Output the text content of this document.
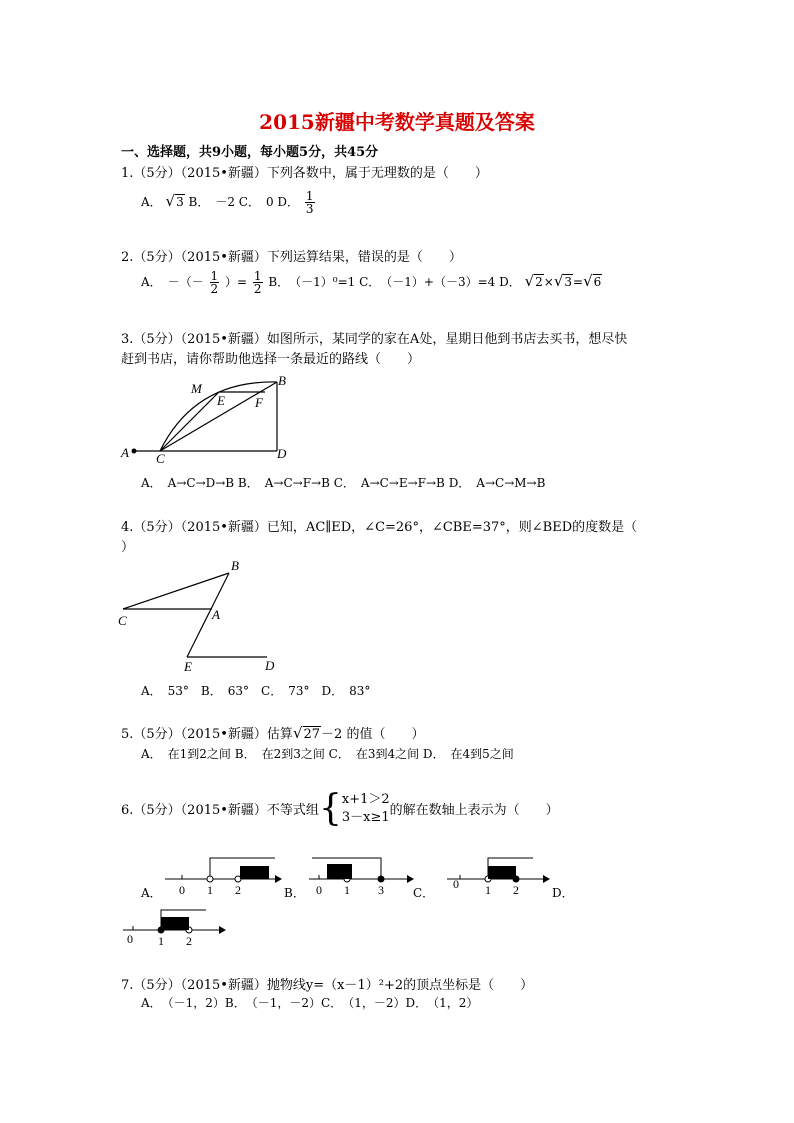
2015新疆中考数学真题及答案
一、选择题，共9小题，每小题5分，共45分
1.（5分）（2015•新疆）下列各数中，属于无理数的是（　　）
A． √3 B．　－2 C．　0 D． $\frac{1}{3}$
2.（5分）（2015•新疆）下列运算结果，错误的是（　　）
A．　－（－ $\frac{1}{2}$ ）= $\frac{1}{2}$ B．　（－1）⁰=1 C．　（－1）+（－3）=4 D． √2×√3=√6
3.（5分）（2015•新疆）如图所示，某同学的家在A处，星期日他到书店去买书，想尽快
赶到书店，请你帮助他选择一条最近的路线（　　）
A C
B
D
M
E F
A．　A→C→D→B B．　A→C→F→B C．　A→C→E→F→B D．　A→C→M→B
4.（5分）（2015•新疆）已知，AC∥ED，∠C=26°，∠CBE=37°，则∠BED的度数是（
）
B
C	A
E	D
A．　53°　B．　63°　C．　73°　D．　83°
5.（5分）（2015•新疆）估算√27－2 的值（　　）
A．　在1到2之间 B．　在2到3之间 C．　在3到4之间 D．　在4到5之间
6.（5分）（2015•新疆）不等式组{ x+1＞2
3－x≥1 的解在数轴上表示为（　　）
0 1 2
A．	B． 0 1 3 C．
0 1 2	D．
0 1 2
7.（5分）（2015•新疆）抛物线y=（x－1）²+2的顶点坐标是（　　）
A．　（－1，2）B．　（－1，－2）C．　（1，－2）D．　（1，2）
